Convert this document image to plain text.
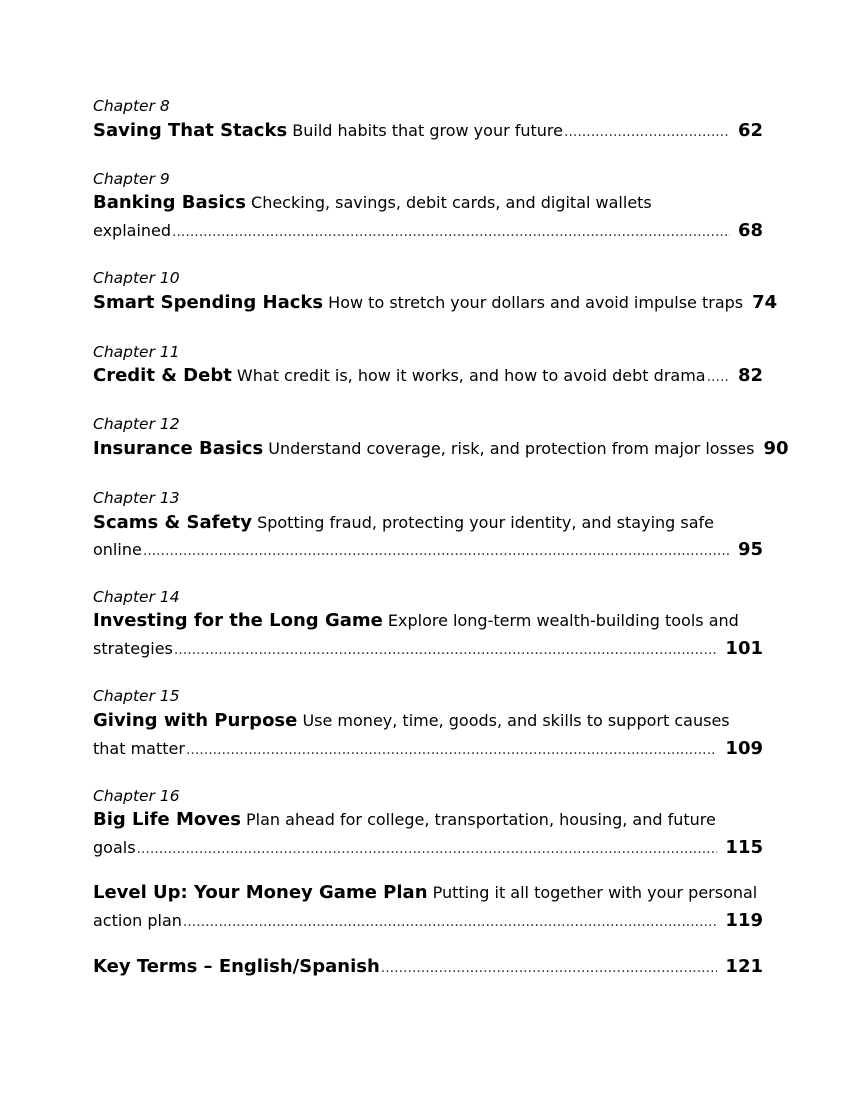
Chapter 8
Saving That Stacks Build habits that grow your future .....	62
Chapter 9
Banking Basics Checking, savings, debit cards, and digital wallets
explained .....	68
Chapter 10
Smart Spending Hacks How to stretch your dollars and avoid impulse traps 74
Chapter 11
Credit & Debt What credit is, how it works, and how to avoid debt drama ..... 82
Chapter 12
Insurance Basics Understand coverage, risk, and protection from major losses 90
Chapter 13
Scams & Safety Spotting fraud, protecting your identity, and staying safe
online .....	95
Chapter 14
Investing for the Long Game Explore long-term wealth-building tools and
strategies .....	101
Chapter 15
Giving with Purpose Use money, time, goods, and skills to support causes
that matter .....	109
Chapter 16
Big Life Moves Plan ahead for college, transportation, housing, and future
goals .....	115
Level Up: Your Money Game Plan Putting it all together with your personal
action plan .....	119
Key Terms – English/Spanish .....	121
